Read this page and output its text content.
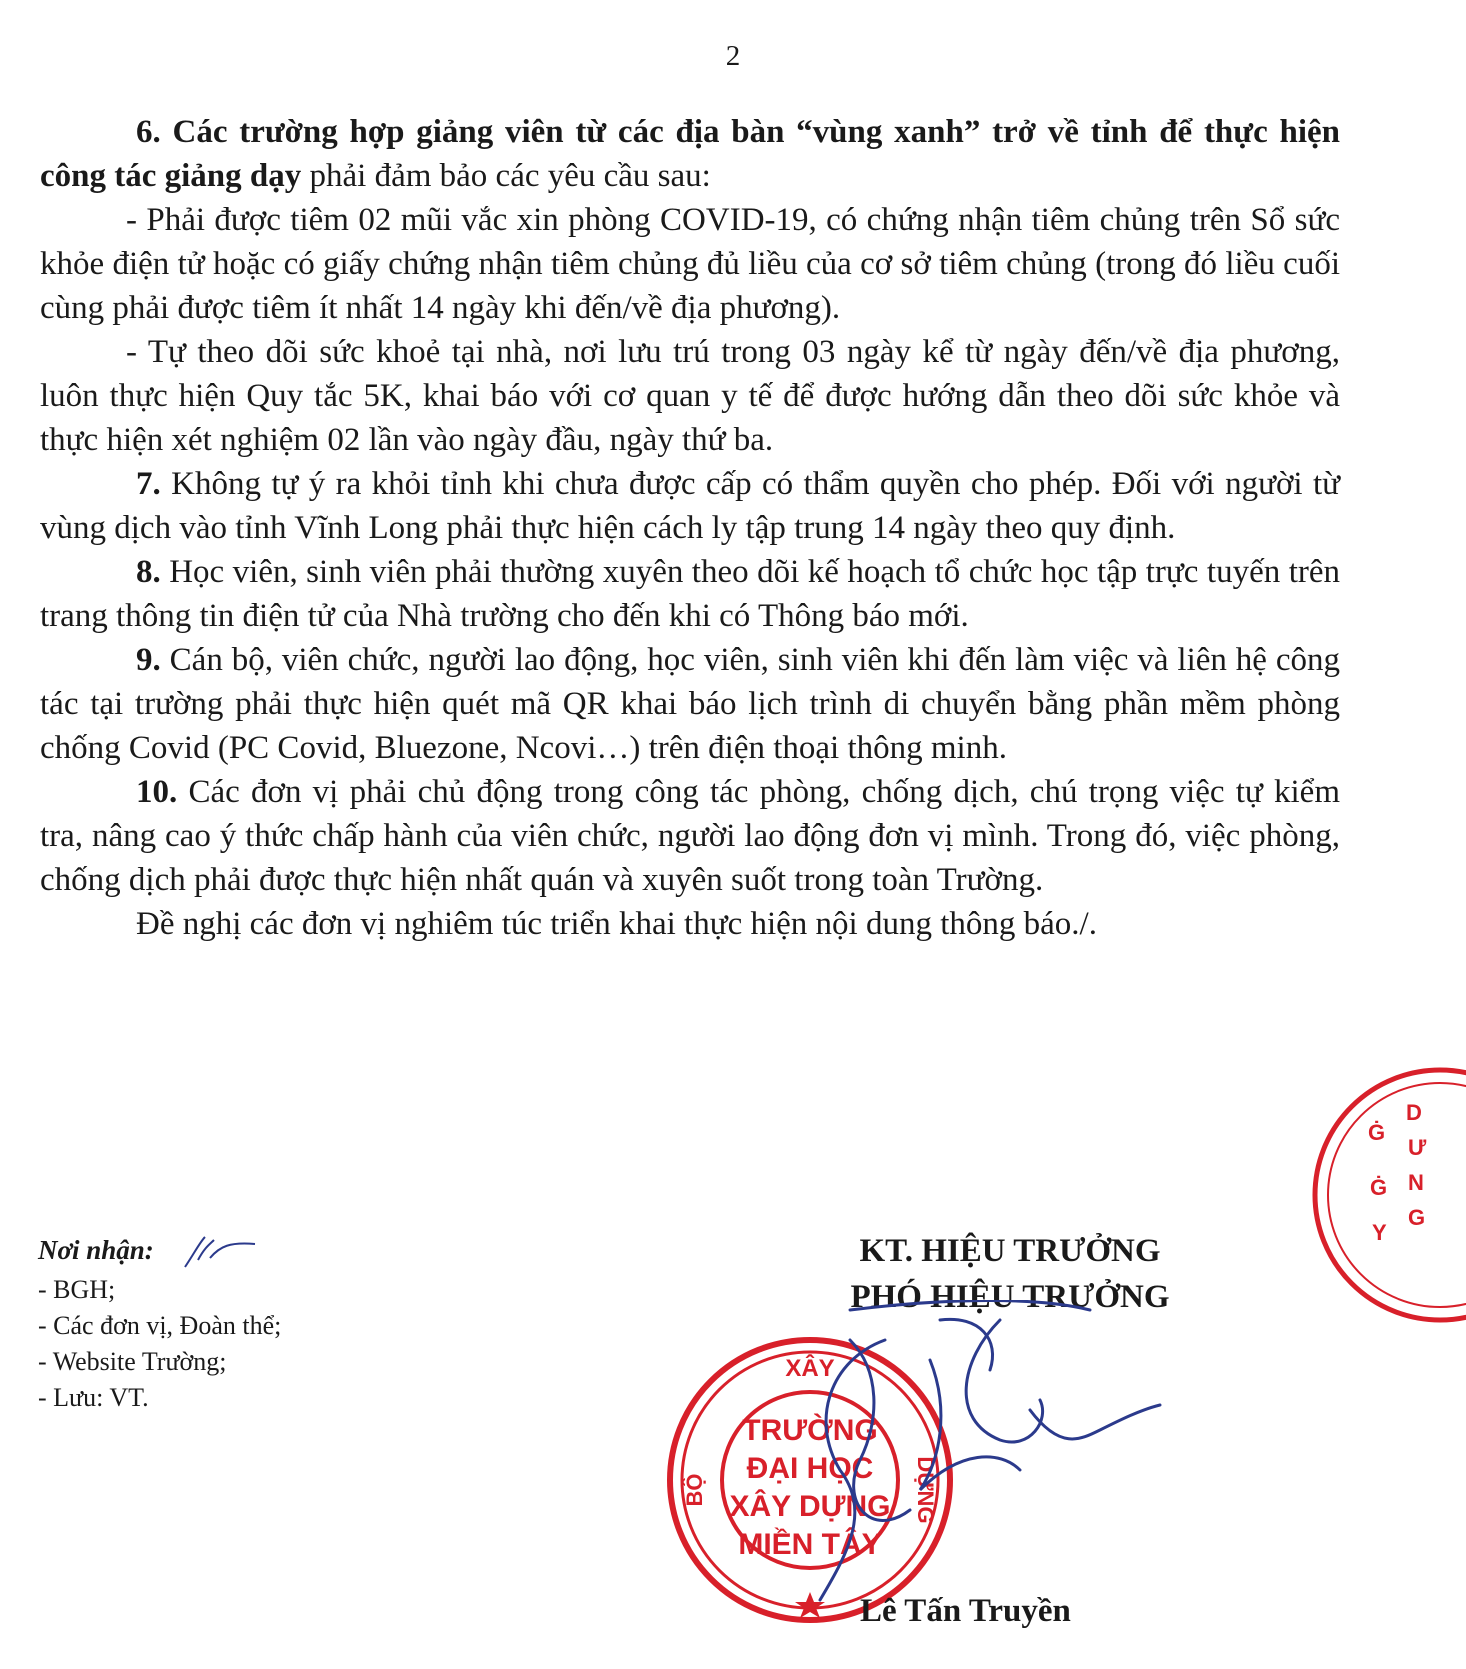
2

6. Các trường hợp giảng viên từ các địa bàn “vùng xanh” trở về tỉnh để thực hiện công tác giảng dạy phải đảm bảo các yêu cầu sau:

- Phải được tiêm 02 mũi vắc xin phòng COVID-19, có chứng nhận tiêm chủng trên Sổ sức khỏe điện tử hoặc có giấy chứng nhận tiêm chủng đủ liều của cơ sở tiêm chủng (trong đó liều cuối cùng phải được tiêm ít nhất 14 ngày khi đến/về địa phương).

- Tự theo dõi sức khoẻ tại nhà, nơi lưu trú trong 03 ngày kể từ ngày đến/về địa phương, luôn thực hiện Quy tắc 5K, khai báo với cơ quan y tế để được hướng dẫn theo dõi sức khỏe và thực hiện xét nghiệm 02 lần vào ngày đầu, ngày thứ ba.

7. Không tự ý ra khỏi tỉnh khi chưa được cấp có thẩm quyền cho phép. Đối với người từ vùng dịch vào tỉnh Vĩnh Long phải thực hiện cách ly tập trung 14 ngày theo quy định.

8. Học viên, sinh viên phải thường xuyên theo dõi kế hoạch tổ chức học tập trực tuyến trên trang thông tin điện tử của Nhà trường cho đến khi có Thông báo mới.

9. Cán bộ, viên chức, người lao động, học viên, sinh viên khi đến làm việc và liên hệ công tác tại trường phải thực hiện quét mã QR khai báo lịch trình di chuyển bằng phần mềm phòng chống Covid (PC Covid, Bluezone, Ncovi…) trên điện thoại thông minh.

10. Các đơn vị phải chủ động trong công tác phòng, chống dịch, chú trọng việc tự kiểm tra, nâng cao ý thức chấp hành của viên chức, người lao động đơn vị mình. Trong đó, việc phòng, chống dịch phải được thực hiện nhất quán và xuyên suốt trong toàn Trường.

Đề nghị các đơn vị nghiêm túc triển khai thực hiện nội dung thông báo./.

Nơi nhận:
- BGH;
- Các đơn vị, Đoàn thể;
- Website Trường;
- Lưu: VT.
KT. HIỆU TRƯỞNG
PHÓ HIỆU TRƯỞNG
XÂY
DỰNG
BỘ
TRƯỜNG
ĐẠI HỌC
XÂY DỰNG
MIỀN TÂY
Ġ
Ġ
Y
D
Ư
N
G
Lê Tấn Truyền
